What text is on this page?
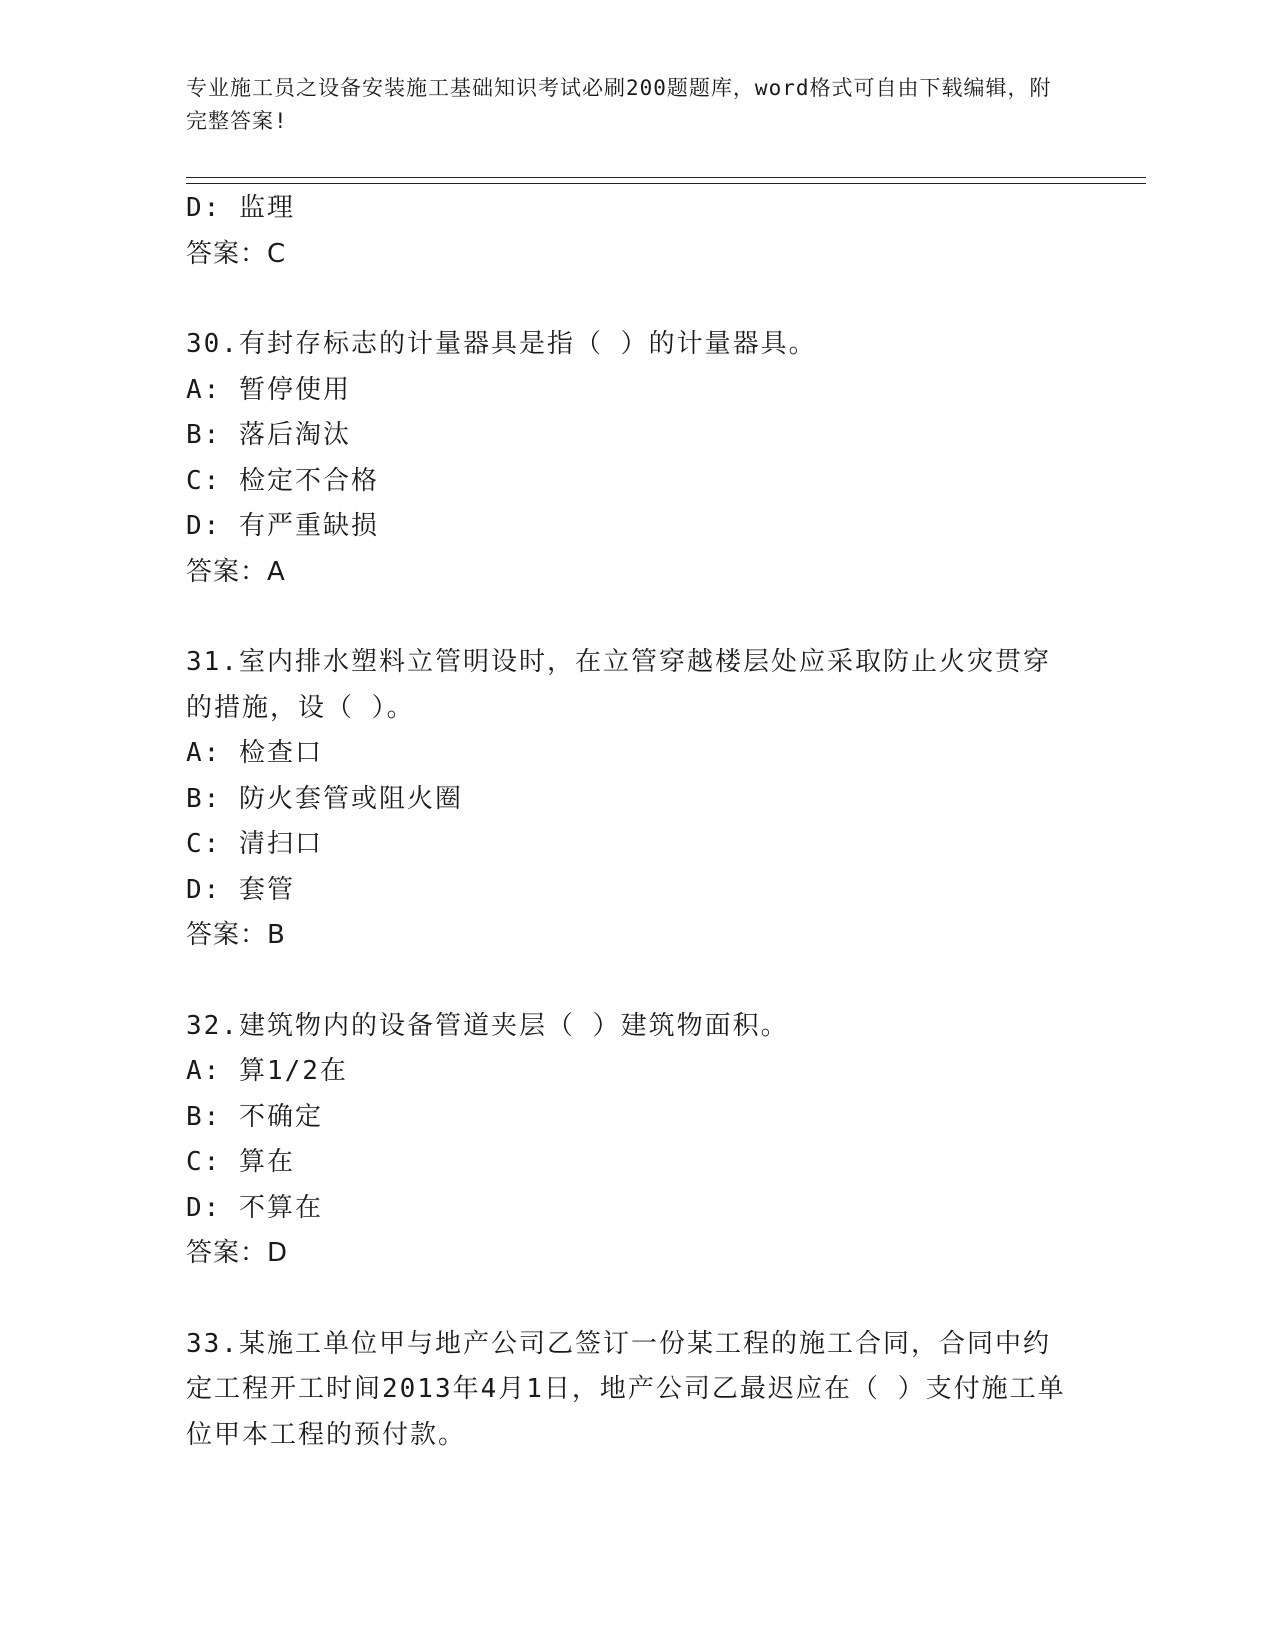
专业施工员之设备安装施工基础知识考试必刷200题题库，word格式可自由下载编辑，附完整答案!
D: 监理
答案：C
30.有封存标志的计量器具是指（ ）的计量器具。
A: 暂停使用
B: 落后淘汰
C: 检定不合格
D: 有严重缺损
答案：A
31.室内排水塑料立管明设时，在立管穿越楼层处应采取防止火灾贯穿的措施，设（ ）。
A: 检查口
B: 防火套管或阻火圈
C: 清扫口
D: 套管
答案：B
32.建筑物内的设备管道夹层（ ）建筑物面积。
A: 算1/2在
B: 不确定
C: 算在
D: 不算在
答案：D
33.某施工单位甲与地产公司乙签订一份某工程的施工合同，合同中约定工程开工时间2013年4月1日，地产公司乙最迟应在（ ）支付施工单位甲本工程的预付款。
